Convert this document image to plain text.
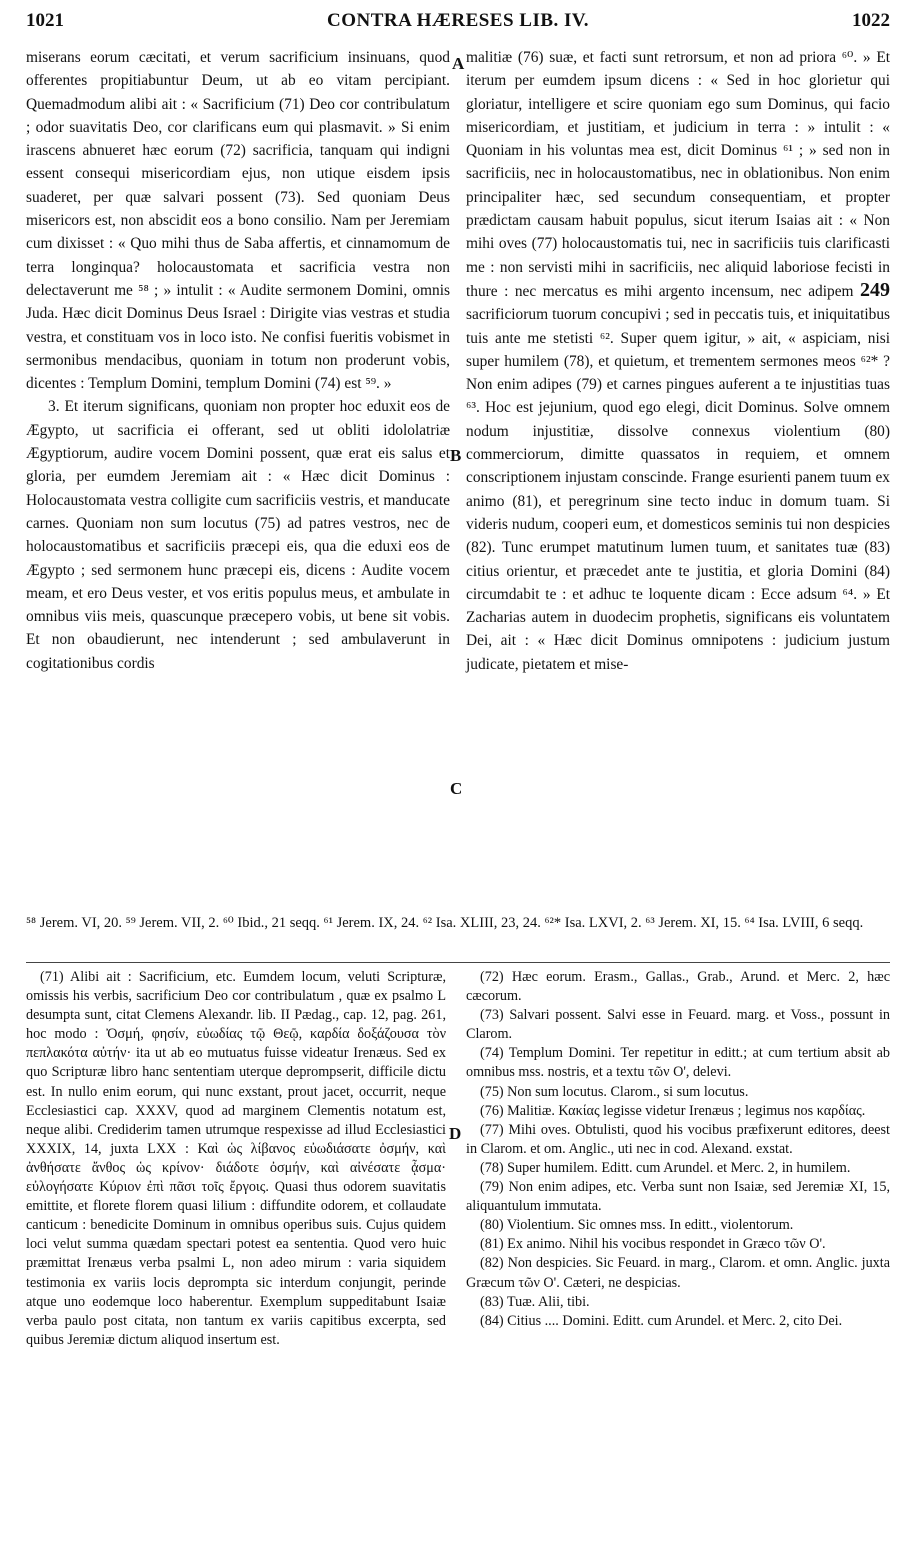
1021	CONTRA HÆRESES LIB. IV.	1022

miserans eorum cæcitati, et verum sacrificium insinuans, quod offerentes propitiabuntur Deum, ut ab eo vitam percipiant. Quemadmodum alibi ait : « Sacrificium (71) Deo cor contribulatum ; odor suavitatis Deo, cor clarificans eum qui plasmavit. » Si enim irascens abnueret hæc eorum (72) sacrificia, tanquam qui indigni essent consequi misericordiam ejus, non utique eisdem ipsis suaderet, per quæ salvari possent (73). Sed quoniam Deus misericors est, non abscidit eos a bono consilio. Nam per Jeremiam cum dixisset : « Quo mihi thus de Saba affertis, et cinnamomum de terra longinqua? holocaustomata et sacrificia vestra non delectaverunt me ⁵⁸ ; » intulit : « Audite sermonem Domini, omnis Juda. Hæc dicit Dominus Deus Israel : Dirigite vias vestras et studia vestra, et constituam vos in loco isto. Ne confisi fueritis vobismet in sermonibus mendacibus, quoniam in totum non proderunt vobis, dicentes : Templum Domini, templum Domini (74) est ⁵⁹. »

3. Et iterum significans, quoniam non propter hoc eduxit eos de Ægypto, ut sacrificia ei offerant, sed ut obliti idololatriæ Ægyptiorum, audire vocem Domini possent, quæ erat eis salus et gloria, per eumdem Jeremiam ait : « Hæc dicit Dominus : Holocaustomata vestra colligite cum sacrificiis vestris, et manducate carnes. Quoniam non sum locutus (75) ad patres vestros, nec de holocaustomatibus et sacrificiis præcepi eis, qua die eduxi eos de Ægypto ; sed sermonem hunc præcepi eis, dicens : Audite vocem meam, et ero Deus vester, et vos eritis populus meus, et ambulate in omnibus viis meis, quascunque præcepero vobis, ut bene sit vobis. Et non obaudierunt, nec intenderunt ; sed ambulaverunt in cogitationibus cordis

A
B
C
D

malitiæ (76) suæ, et facti sunt retrorsum, et non ad priora ⁶⁰. » Et iterum per eumdem ipsum dicens : « Sed in hoc glorietur qui gloriatur, intelligere et scire quoniam ego sum Dominus, qui facio misericordiam, et justitiam, et judicium in terra : » intulit : « Quoniam in his voluntas mea est, dicit Dominus ⁶¹ ; » sed non in sacrificiis, nec in holocaustomatibus, nec in oblationibus. Non enim principaliter hæc, sed secundum consequentiam, et propter prædictam causam habuit populus, sicut iterum Isaias ait : « Non mihi oves (77) holocaustomatis tui, nec in sacrificiis tuis clarificasti me : non servisti mihi in sacrificiis, nec aliquid laboriose fecisti in thure : nec mercatus es mihi argento incensum, nec adipem 249 sacrificiorum tuorum concupivi ; sed in peccatis tuis, et iniquitatibus tuis ante me stetisti ⁶². Super quem igitur, » ait, « aspiciam, nisi super humilem (78), et quietum, et trementem sermones meos ⁶²* ? Non enim adipes (79) et carnes pingues auferent a te injustitias tuas ⁶³. Hoc est jejunium, quod ego elegi, dicit Dominus. Solve omnem nodum injustitiæ, dissolve connexus violentium (80) commerciorum, dimitte quassatos in requiem, et omnem conscriptionem injustam conscinde. Frange esurienti panem tuum ex animo (81), et peregrinum sine tecto induc in domum tuam. Si videris nudum, cooperi eum, et domesticos seminis tui non despicies (82). Tunc erumpet matutinum lumen tuum, et sanitates tuæ (83) citius orientur, et præcedet ante te justitia, et gloria Domini (84) circumdabit te : et adhuc te loquente dicam : Ecce adsum ⁶⁴. » Et Zacharias autem in duodecim prophetis, significans eis voluntatem Dei, ait : « Hæc dicit Dominus omnipotens : judicium justum judicate, pietatem et mise-

⁵⁸ Jerem. VI, 20. ⁵⁹ Jerem. VII, 2. ⁶⁰ Ibid., 21 seqq. ⁶¹ Jerem. IX, 24. ⁶² Isa. XLIII, 23, 24. ⁶²* Isa. LXVI, 2. ⁶³ Jerem. XI, 15. ⁶⁴ Isa. LVIII, 6 seqq.

(71) Alibi ait : Sacrificium, etc. Eumdem locum, veluti Scripturæ, omissis his verbis, sacrificium Deo cor contribulatum , quæ ex psalmo L desumpta sunt, citat Clemens Alexandr. lib. II Pædag., cap. 12, pag. 261, hoc modo : Ὀσμή, φησίν, εὐωδίας τῷ Θεῷ, καρδία δοξάζουσα τὸν πεπλακότα αὐτήν· ita ut ab eo mutuatus fuisse videatur Irenæus. Sed ex quo Scripturæ libro hanc sententiam uterque deprompserit, difficile dictu est. In nullo enim eorum, qui nunc exstant, prout jacet, occurrit, neque Ecclesiastici cap. XXXV, quod ad marginem Clementis notatum est, neque alibi. Crediderim tamen utrumque respexisse ad illud Ecclesiastici XXXIX, 14, juxta LXX : Καὶ ὡς λίβανος εὐωδιάσατε ὀσμήν, καὶ ἀνθήσατε ἄνθος ὡς κρίνον· διάδοτε ὀσμήν, καὶ αἰνέσατε ᾆσμα· εὐλογήσατε Κύριον ἐπὶ πᾶσι τοῖς ἔργοις. Quasi thus odorem suavitatis emittite, et florete florem quasi lilium : diffundite odorem, et collaudate canticum : benedicite Dominum in omnibus operibus suis. Cujus quidem loci velut summa quædam spectari potest ea sententia. Quod vero huic præmittat Irenæus verba psalmi L, non adeo mirum : varia siquidem testimonia ex variis locis deprompta sic interdum conjungit, perinde atque uno eodemque loco haberentur. Exemplum suppeditabunt Isaiæ verba paulo post citata, non tantum ex variis capitibus excerpta, sed quibus Jeremiæ dictum aliquod insertum est.

(72) Hæc eorum. Erasm., Gallas., Grab., Arund. et Merc. 2, hæc cæcorum.

(73) Salvari possent. Salvi esse in Feuard. marg. et Voss., possunt in Clarom.

(74) Templum Domini. Ter repetitur in editt.; at cum tertium absit ab omnibus mss. nostris, et a textu τῶν Ο', delevi.

(75) Non sum locutus. Clarom., si sum locutus.

(76) Malitiæ. Κακίας legisse videtur Irenæus ; legimus nos καρδίας.

(77) Mihi oves. Obtulisti, quod his vocibus præfixerunt editores, deest in Clarom. et om. Anglic., uti nec in cod. Alexand. exstat.

(78) Super humilem. Editt. cum Arundel. et Merc. 2, in humilem.

(79) Non enim adipes, etc. Verba sunt non Isaiæ, sed Jeremiæ XI, 15, aliquantulum immutata.

(80) Violentium. Sic omnes mss. In editt., violentorum.

(81) Ex animo. Nihil his vocibus respondet in Græco τῶν Ο'.

(82) Non despicies. Sic Feuard. in marg., Clarom. et omn. Anglic. juxta Græcum τῶν Ο'. Cæteri, ne despicias.

(83) Tuæ. Alii, tibi.

(84) Citius .... Domini. Editt. cum Arundel. et Merc. 2, cito Dei.
